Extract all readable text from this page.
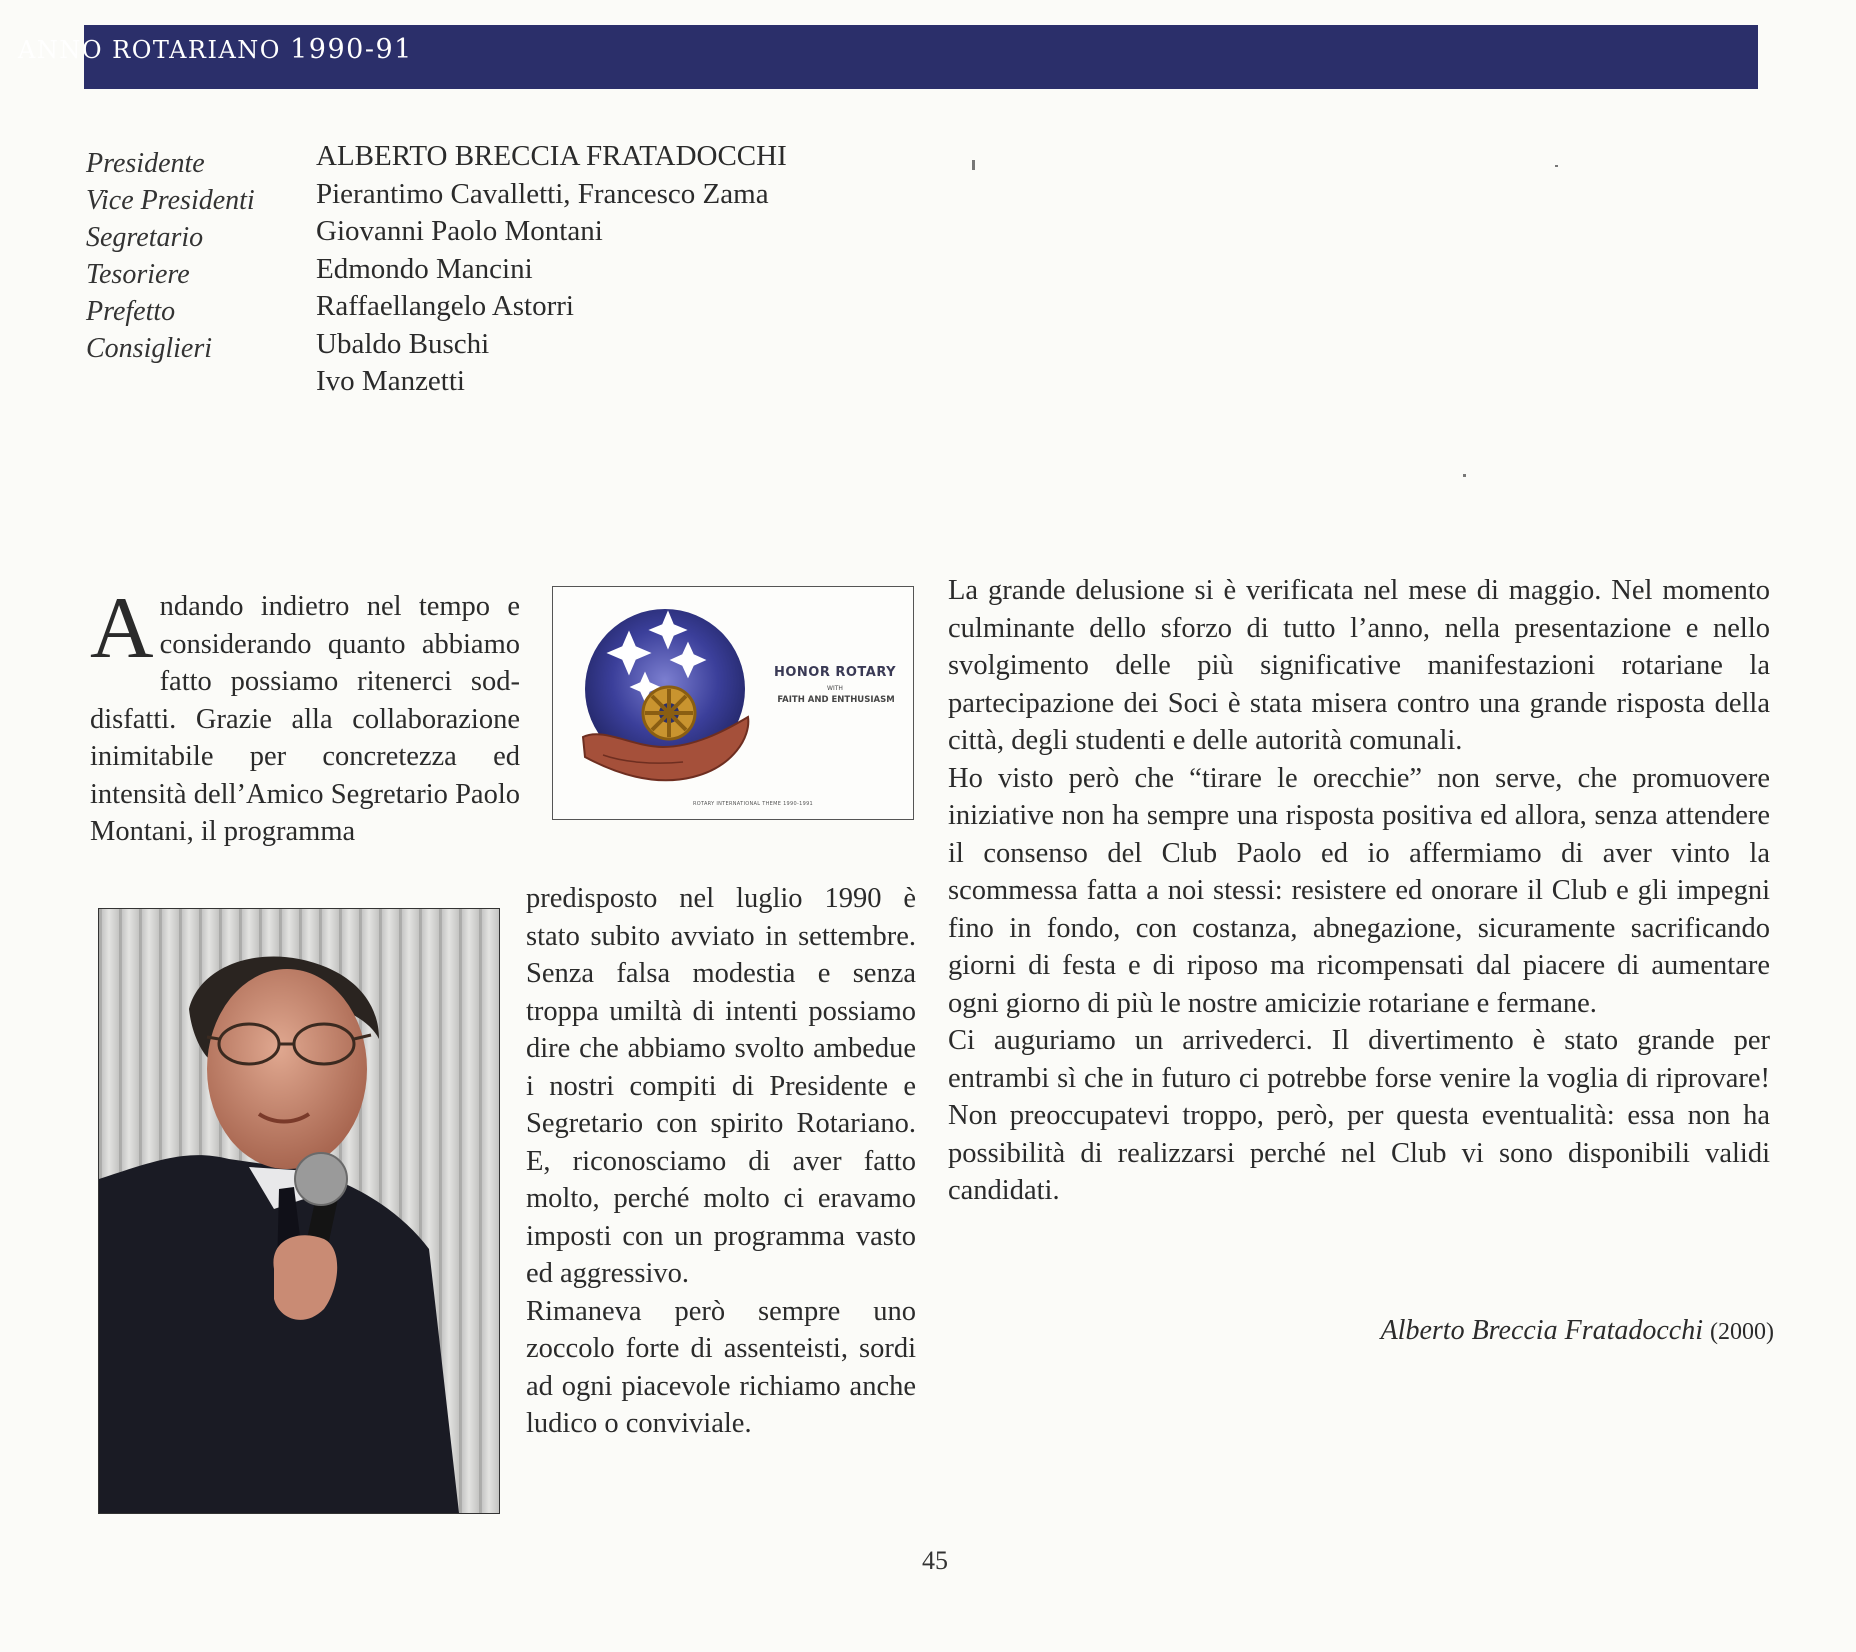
ANNO ROTARIANO 1990-91
Presidente
Vice Presidenti
Segretario
Tesoriere
Prefetto
Consiglieri
ALBERTO BRECCIA FRATADOCCHI
Pierantimo Cavalletti, Francesco Zama
Giovanni Paolo Montani
Edmondo Mancini
Raffaellangelo Astorri
Ubaldo Buschi
Ivo Manzetti
Andando indietro nel tempo e considerando quanto abbiamo fatto possiamo ritenerci soddisfatti. Grazie alla collaborazione inimitabile per concretezza ed intensità dell’Amico Segretario Paolo Montani, il programma
HONOR ROTARY
WITH
FAITH AND ENTHUSIASM
ROTARY INTERNATIONAL THEME 1990-1991

predisposto nel luglio 1990 è stato subito avviato in settembre. Senza falsa modestia e senza troppa umiltà di intenti possiamo dire che abbiamo svolto ambedue i nostri compiti di Presidente e Segretario con spirito Rotariano. E, riconosciamo di aver fatto molto, perché molto ci eravamo imposti con un programma vasto ed aggressivo.

Rimaneva però sempre uno zoccolo forte di assenteisti, sordi ad ogni piacevole richiamo anche ludico o conviviale.

La grande delusione si è verificata nel mese di maggio. Nel momento culminante dello sforzo di tutto l’anno, nella presentazione e nello svolgimento delle più significative manifestazioni rotariane la partecipazione dei Soci è stata misera contro una grande risposta della città, degli studenti e delle autorità comunali.

Ho visto però che “tirare le orecchie” non serve, che promuovere iniziative non ha sempre una risposta positiva ed allora, senza attendere il consenso del Club Paolo ed io affermiamo di aver vinto la scommessa fatta a noi stessi: resistere ed onorare il Club e gli impegni fino in fondo, con costanza, abnegazione, sicuramente sacrificando giorni di festa e di riposo ma ricompensati dal piacere di aumentare ogni giorno di più le nostre amicizie rotariane e fermane.

Ci auguriamo un arrivederci. Il divertimento è stato grande per entrambi sì che in futuro ci potrebbe forse venire la voglia di riprovare! Non preoccupatevi troppo, però, per questa eventualità: essa non ha possibilità di realizzarsi perché nel Club vi sono disponibili validi candidati.

Alberto Breccia Fratadocchi (2000)
45
